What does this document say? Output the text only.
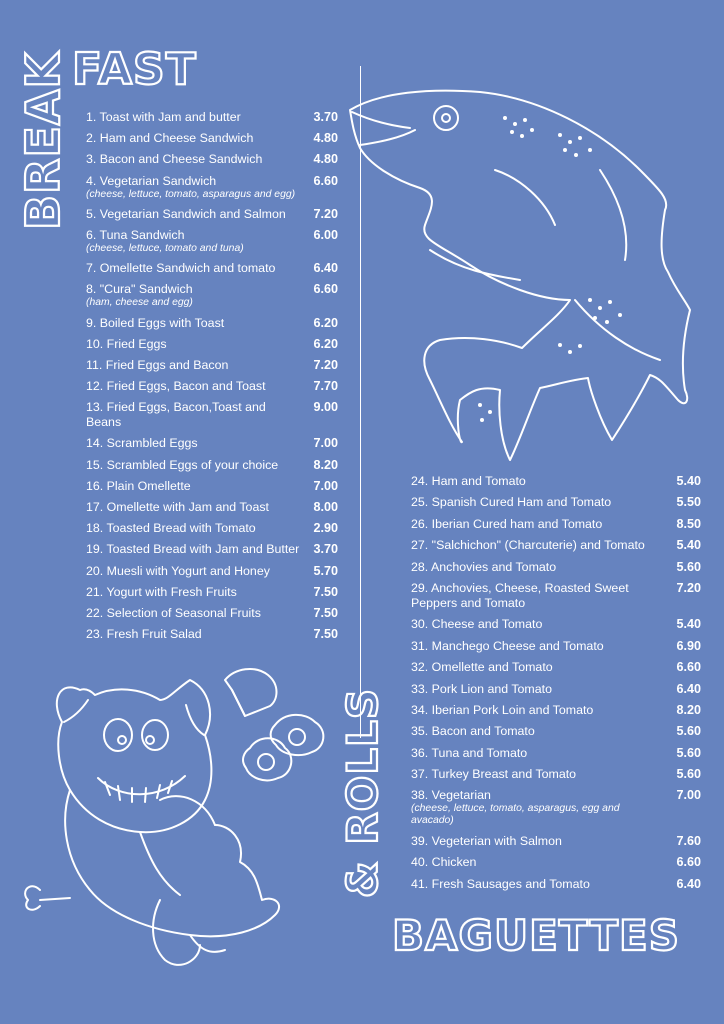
BREAK FAST
& ROLLS
BAGUETTES
1. Toast with Jam and butter	3.70
2. Ham and Cheese Sandwich	4.80
3. Bacon and Cheese Sandwich	4.80
4. Vegetarian Sandwich
(cheese, lettuce, tomato, asparagus and egg)
6.60
5. Vegetarian Sandwich and Salmon	7.20
6. Tuna Sandwich
(cheese, lettuce, tomato and tuna)
6.00
7. Omellette Sandwich and tomato	6.40
8. "Cura" Sandwich
(ham, cheese and egg)
6.60
9. Boiled Eggs with Toast	6.20
10. Fried Eggs	6.20
11. Fried Eggs and Bacon	7.20
12. Fried Eggs, Bacon and Toast	7.70
13. Fried Eggs, Bacon,Toast and Beans
9.00
14. Scrambled Eggs	7.00
15. Scrambled Eggs of your choice	8.20
16. Plain Omellette	7.00
17. Omellette with Jam and Toast	8.00
18. Toasted Bread with Tomato	2.90
19. Toasted Bread with Jam and Butter	3.70
20. Muesli with Yogurt and Honey	5.70
21. Yogurt with Fresh Fruits	7.50
22. Selection of Seasonal Fruits	7.50
23. Fresh Fruit Salad	7.50
24. Ham and Tomato	5.40
25. Spanish Cured Ham and Tomato	5.50
26. Iberian Cured ham and Tomato	8.50
27. "Salchichon" (Charcuterie) and Tomato	5.40
28. Anchovies and Tomato	5.60
29. Anchovies, Cheese, Roasted Sweet Peppers and Tomato
7.20
30. Cheese and Tomato	5.40
31. Manchego Cheese and Tomato	6.90
32. Omellette and Tomato	6.60
33. Pork Lion and Tomato	6.40
34. Iberian Pork Loin and Tomato	8.20
35. Bacon and Tomato	5.60
36. Tuna and Tomato	5.60
37. Turkey Breast and Tomato	5.60
38. Vegetarian
(cheese, lettuce, tomato, asparagus, egg and avacado)
7.00
39. Vegeterian with Salmon	7.60
40. Chicken	6.60
41. Fresh Sausages and Tomato	6.40
